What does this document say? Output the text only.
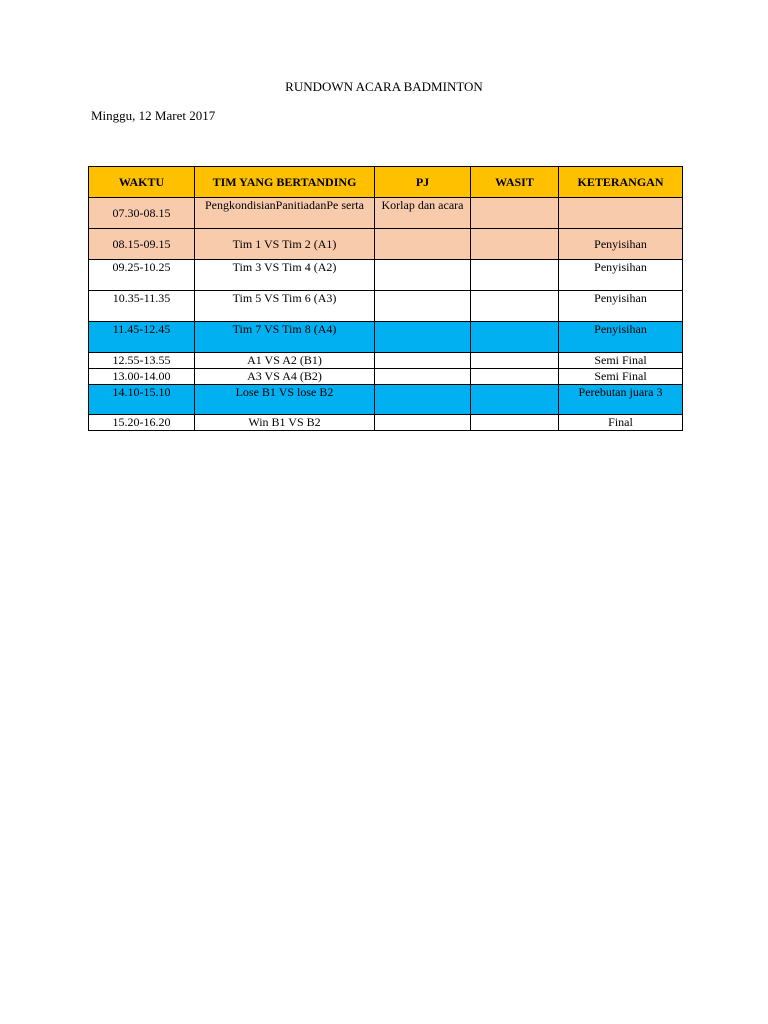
RUNDOWN ACARA BADMINTON
Minggu, 12 Maret 2017
WAKTU	TIM YANG BERTANDING	PJ	WASIT	KETERANGAN
07.30-08.15	PengkondisianPanitiadanPe serta	Korlap dan acara		
08.15-09.15	Tim 1 VS Tim 2 (A1)			Penyisihan
09.25-10.25	Tim 3 VS Tim 4 (A2)			Penyisihan
10.35-11.35	Tim 5 VS Tim 6 (A3)			Penyisihan
11.45-12.45	Tim 7 VS Tim 8 (A4)			Penyisihan
12.55-13.55	A1 VS A2 (B1)			Semi Final
13.00-14.00	A3 VS A4 (B2)			Semi Final
14.10-15.10	Lose B1 VS lose B2			Perebutan juara 3
15.20-16.20	Win B1 VS B2			Final
